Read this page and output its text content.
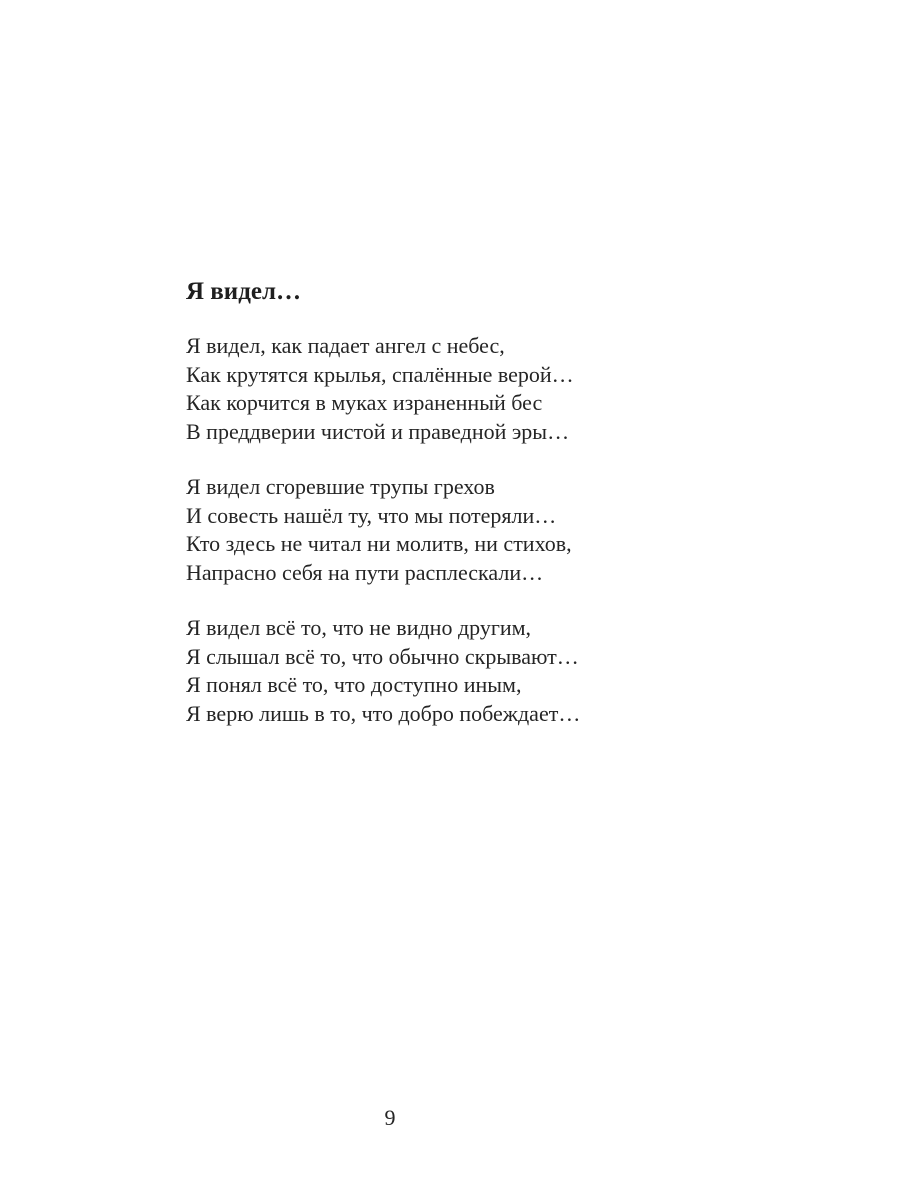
Я видел…
Я видел, как падает ангел с небес,
Как крутятся крылья, спалённые верой…
Как корчится в муках израненный бес
В преддверии чистой и праведной эры…
Я видел сгоревшие трупы грехов
И совесть нашёл ту, что мы потеряли…
Кто здесь не читал ни молитв, ни стихов,
Напрасно себя на пути расплескали…
Я видел всё то, что не видно другим,
Я слышал всё то, что обычно скрывают…
Я понял всё то, что доступно иным,
Я верю лишь в то, что добро побеждает…
9
